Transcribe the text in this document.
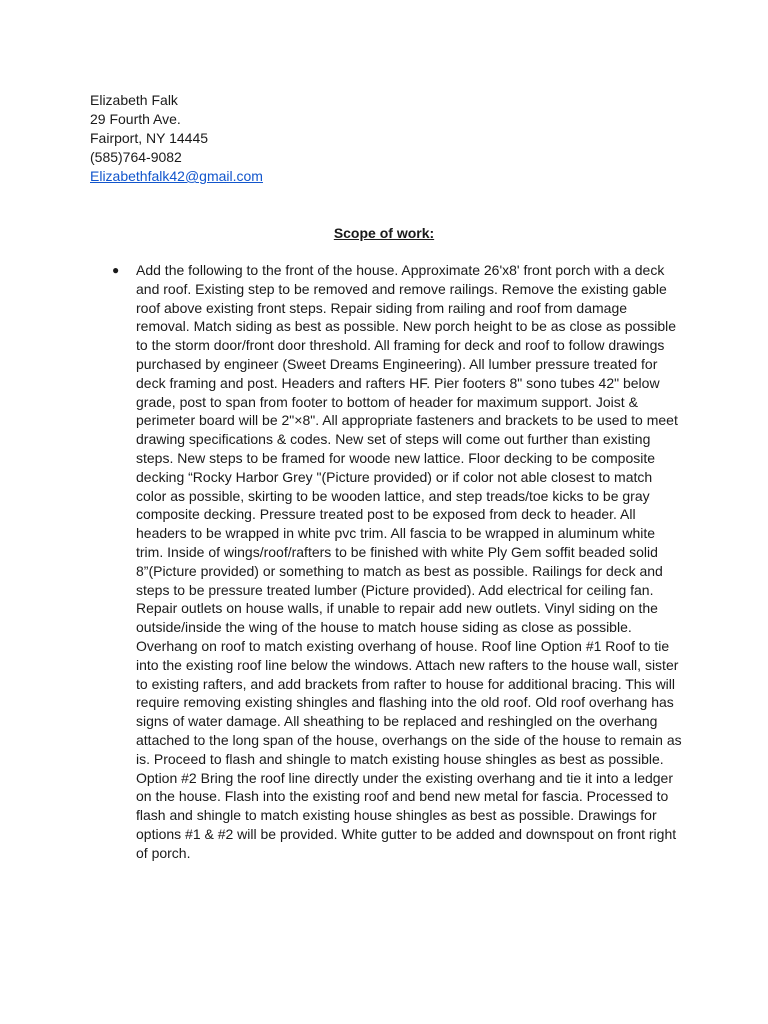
Elizabeth Falk
29 Fourth Ave.
Fairport, NY 14445
(585)764-9082
Elizabethfalk42@gmail.com
Scope of work:
● Add the following to the front of the house. Approximate 26'x8' front porch with a deck and roof. Existing step to be removed and remove railings. Remove the existing gable roof above existing front steps. Repair siding from railing and roof from damage removal. Match siding as best as possible. New porch height to be as close as possible to the storm door/front door threshold. All framing for deck and roof to follow drawings purchased by engineer (Sweet Dreams Engineering). All lumber pressure treated for deck framing and post. Headers and rafters HF. Pier footers 8" sono tubes 42" below grade, post to span from footer to bottom of header for maximum support. Joist & perimeter board will be 2"×8". All appropriate fasteners and brackets to be used to meet drawing specifications & codes. New set of steps will come out further than existing steps. New steps to be framed for woode new lattice. Floor decking to be composite decking “Rocky Harbor Grey "(Picture provided) or if color not able closest to match color as possible, skirting to be wooden lattice, and step treads/toe kicks to be gray composite decking. Pressure treated post to be exposed from deck to header. All headers to be wrapped in white pvc trim. All fascia to be wrapped in aluminum white trim. Inside of wings/roof/rafters to be finished with white Ply Gem soffit beaded solid 8”(Picture provided) or something to match as best as possible. Railings for deck and steps to be pressure treated lumber (Picture provided). Add electrical for ceiling fan. Repair outlets on house walls, if unable to repair add new outlets. Vinyl siding on the outside/inside the wing of the house to match house siding as close as possible. Overhang on roof to match existing overhang of house. Roof line Option #1 Roof to tie into the existing roof line below the windows. Attach new rafters to the house wall, sister to existing rafters, and add brackets from rafter to house for additional bracing. This will require removing existing shingles and flashing into the old roof. Old roof overhang has signs of water damage. All sheathing to be replaced and reshingled on the overhang attached to the long span of the house, overhangs on the side of the house to remain as is. Proceed to flash and shingle to match existing house shingles as best as possible. Option #2 Bring the roof line directly under the existing overhang and tie it into a ledger on the house. Flash into the existing roof and bend new metal for fascia. Processed to flash and shingle to match existing house shingles as best as possible. Drawings for options #1 & #2 will be provided. White gutter to be added and downspout on front right of porch.
